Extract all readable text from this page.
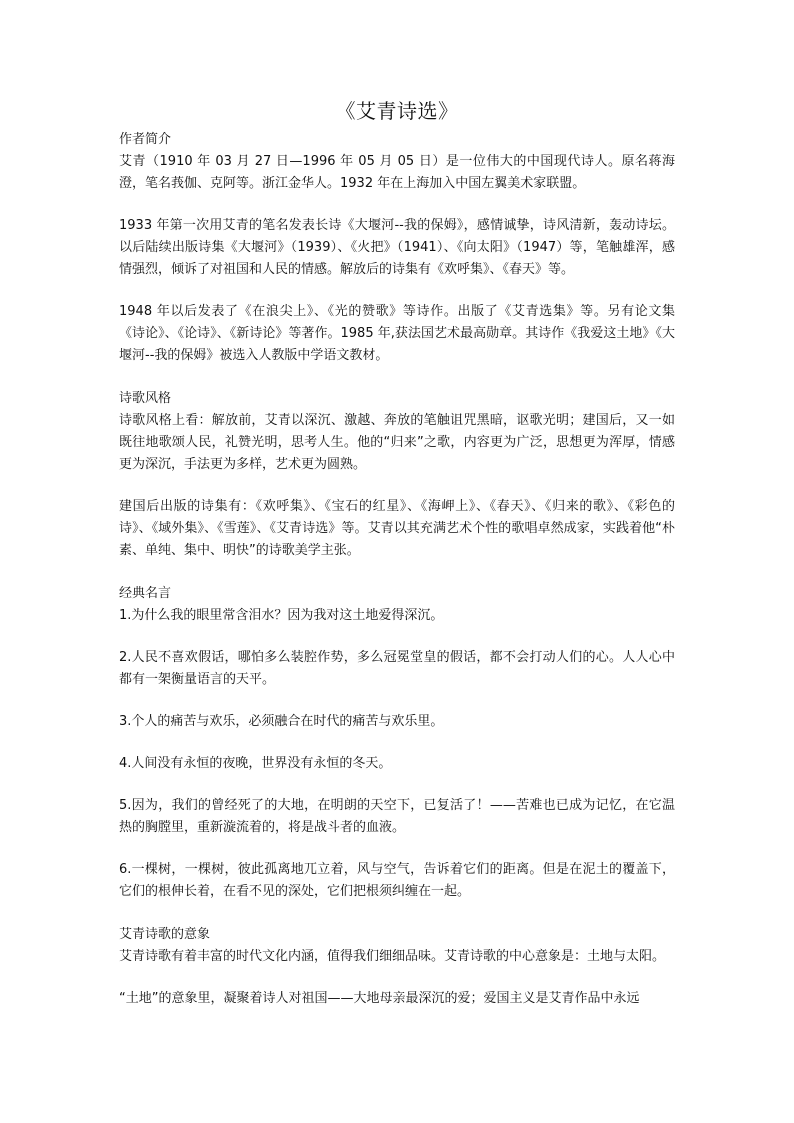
《艾青诗选》

作者简介

艾青（1910 年 03 月 27 日—1996 年 05 月 05 日）是一位伟大的中国现代诗人。原名蒋海澄，笔名莪伽、克阿等。浙江金华人。1932 年在上海加入中国左翼美术家联盟。

1933 年第一次用艾青的笔名发表长诗《大堰河--我的保姆》，感情诚挚，诗风清新，轰动诗坛。以后陆续出版诗集《大堰河》（1939）、《火把》（1941）、《向太阳》（1947）等，笔触雄浑，感情强烈，倾诉了对祖国和人民的情感。解放后的诗集有《欢呼集》、《春天》等。

1948 年以后发表了《在浪尖上》、《光的赞歌》等诗作。出版了《艾青选集》等。另有论文集《诗论》、《论诗》、《新诗论》等著作。1985 年,获法国艺术最高勋章。其诗作《我爱这土地》《大堰河--我的保姆》被选入人教版中学语文教材。

诗歌风格

诗歌风格上看：解放前，艾青以深沉、激越、奔放的笔触诅咒黑暗，讴歌光明；建国后，又一如既往地歌颂人民，礼赞光明，思考人生。他的“归来”之歌，内容更为广泛，思想更为浑厚，情感更为深沉，手法更为多样，艺术更为圆熟。

建国后出版的诗集有：《欢呼集》、《宝石的红星》、《海岬上》、《春天》、《归来的歌》、《彩色的诗》、《域外集》、《雪莲》、《艾青诗选》等。艾青以其充满艺术个性的歌唱卓然成家，实践着他“朴素、单纯、集中、明快”的诗歌美学主张。

经典名言

1.为什么我的眼里常含泪水？因为我对这土地爱得深沉。

2.人民不喜欢假话，哪怕多么装腔作势，多么冠冕堂皇的假话，都不会打动人们的心。人人心中都有一架衡量语言的天平。

3.个人的痛苦与欢乐，必须融合在时代的痛苦与欢乐里。

4.人间没有永恒的夜晚，世界没有永恒的冬天。

5.因为，我们的曾经死了的大地，在明朗的天空下，已复活了！——苦难也已成为记忆，在它温热的胸膛里，重新漩流着的，将是战斗者的血液。

6.一棵树，一棵树，彼此孤离地兀立着，风与空气，告诉着它们的距离。但是在泥土的覆盖下，它们的根伸长着，在看不见的深处，它们把根须纠缠在一起。

艾青诗歌的意象

艾青诗歌有着丰富的时代文化内涵，值得我们细细品味。艾青诗歌的中心意象是：土地与太阳。

“土地”的意象里，凝聚着诗人对祖国——大地母亲最深沉的爱；爱国主义是艾青作品中永远
